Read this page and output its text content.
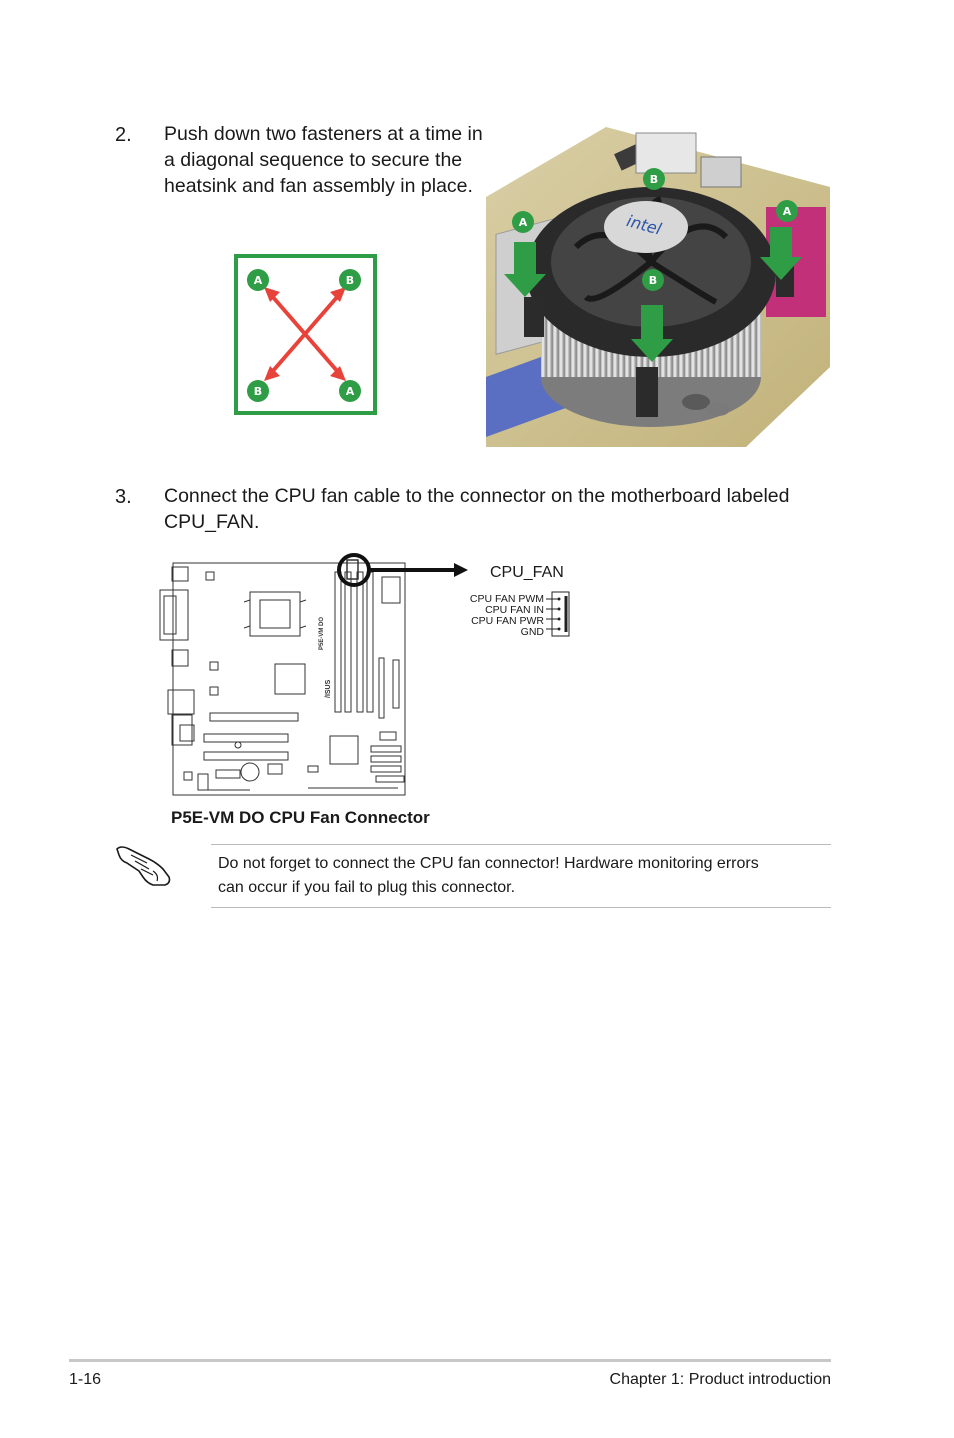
2. Push down two fasteners at a time in
a diagonal sequence to secure the
heatsink and fan assembly in place.
A	B
B	A
intel
A
A
B
B
3. Connect the CPU fan cable to the connector on the motherboard labeled
CPU_FAN.
P5E-VM DO
/ISUS
CPU_FAN
CPU FAN PWM
CPU FAN IN
CPU FAN PWR
GND
P5E-VM DO CPU Fan Connector
Do not forget to connect the CPU fan connector! Hardware monitoring errors
can occur if you fail to plug this connector.
1-16	Chapter 1: Product introduction
